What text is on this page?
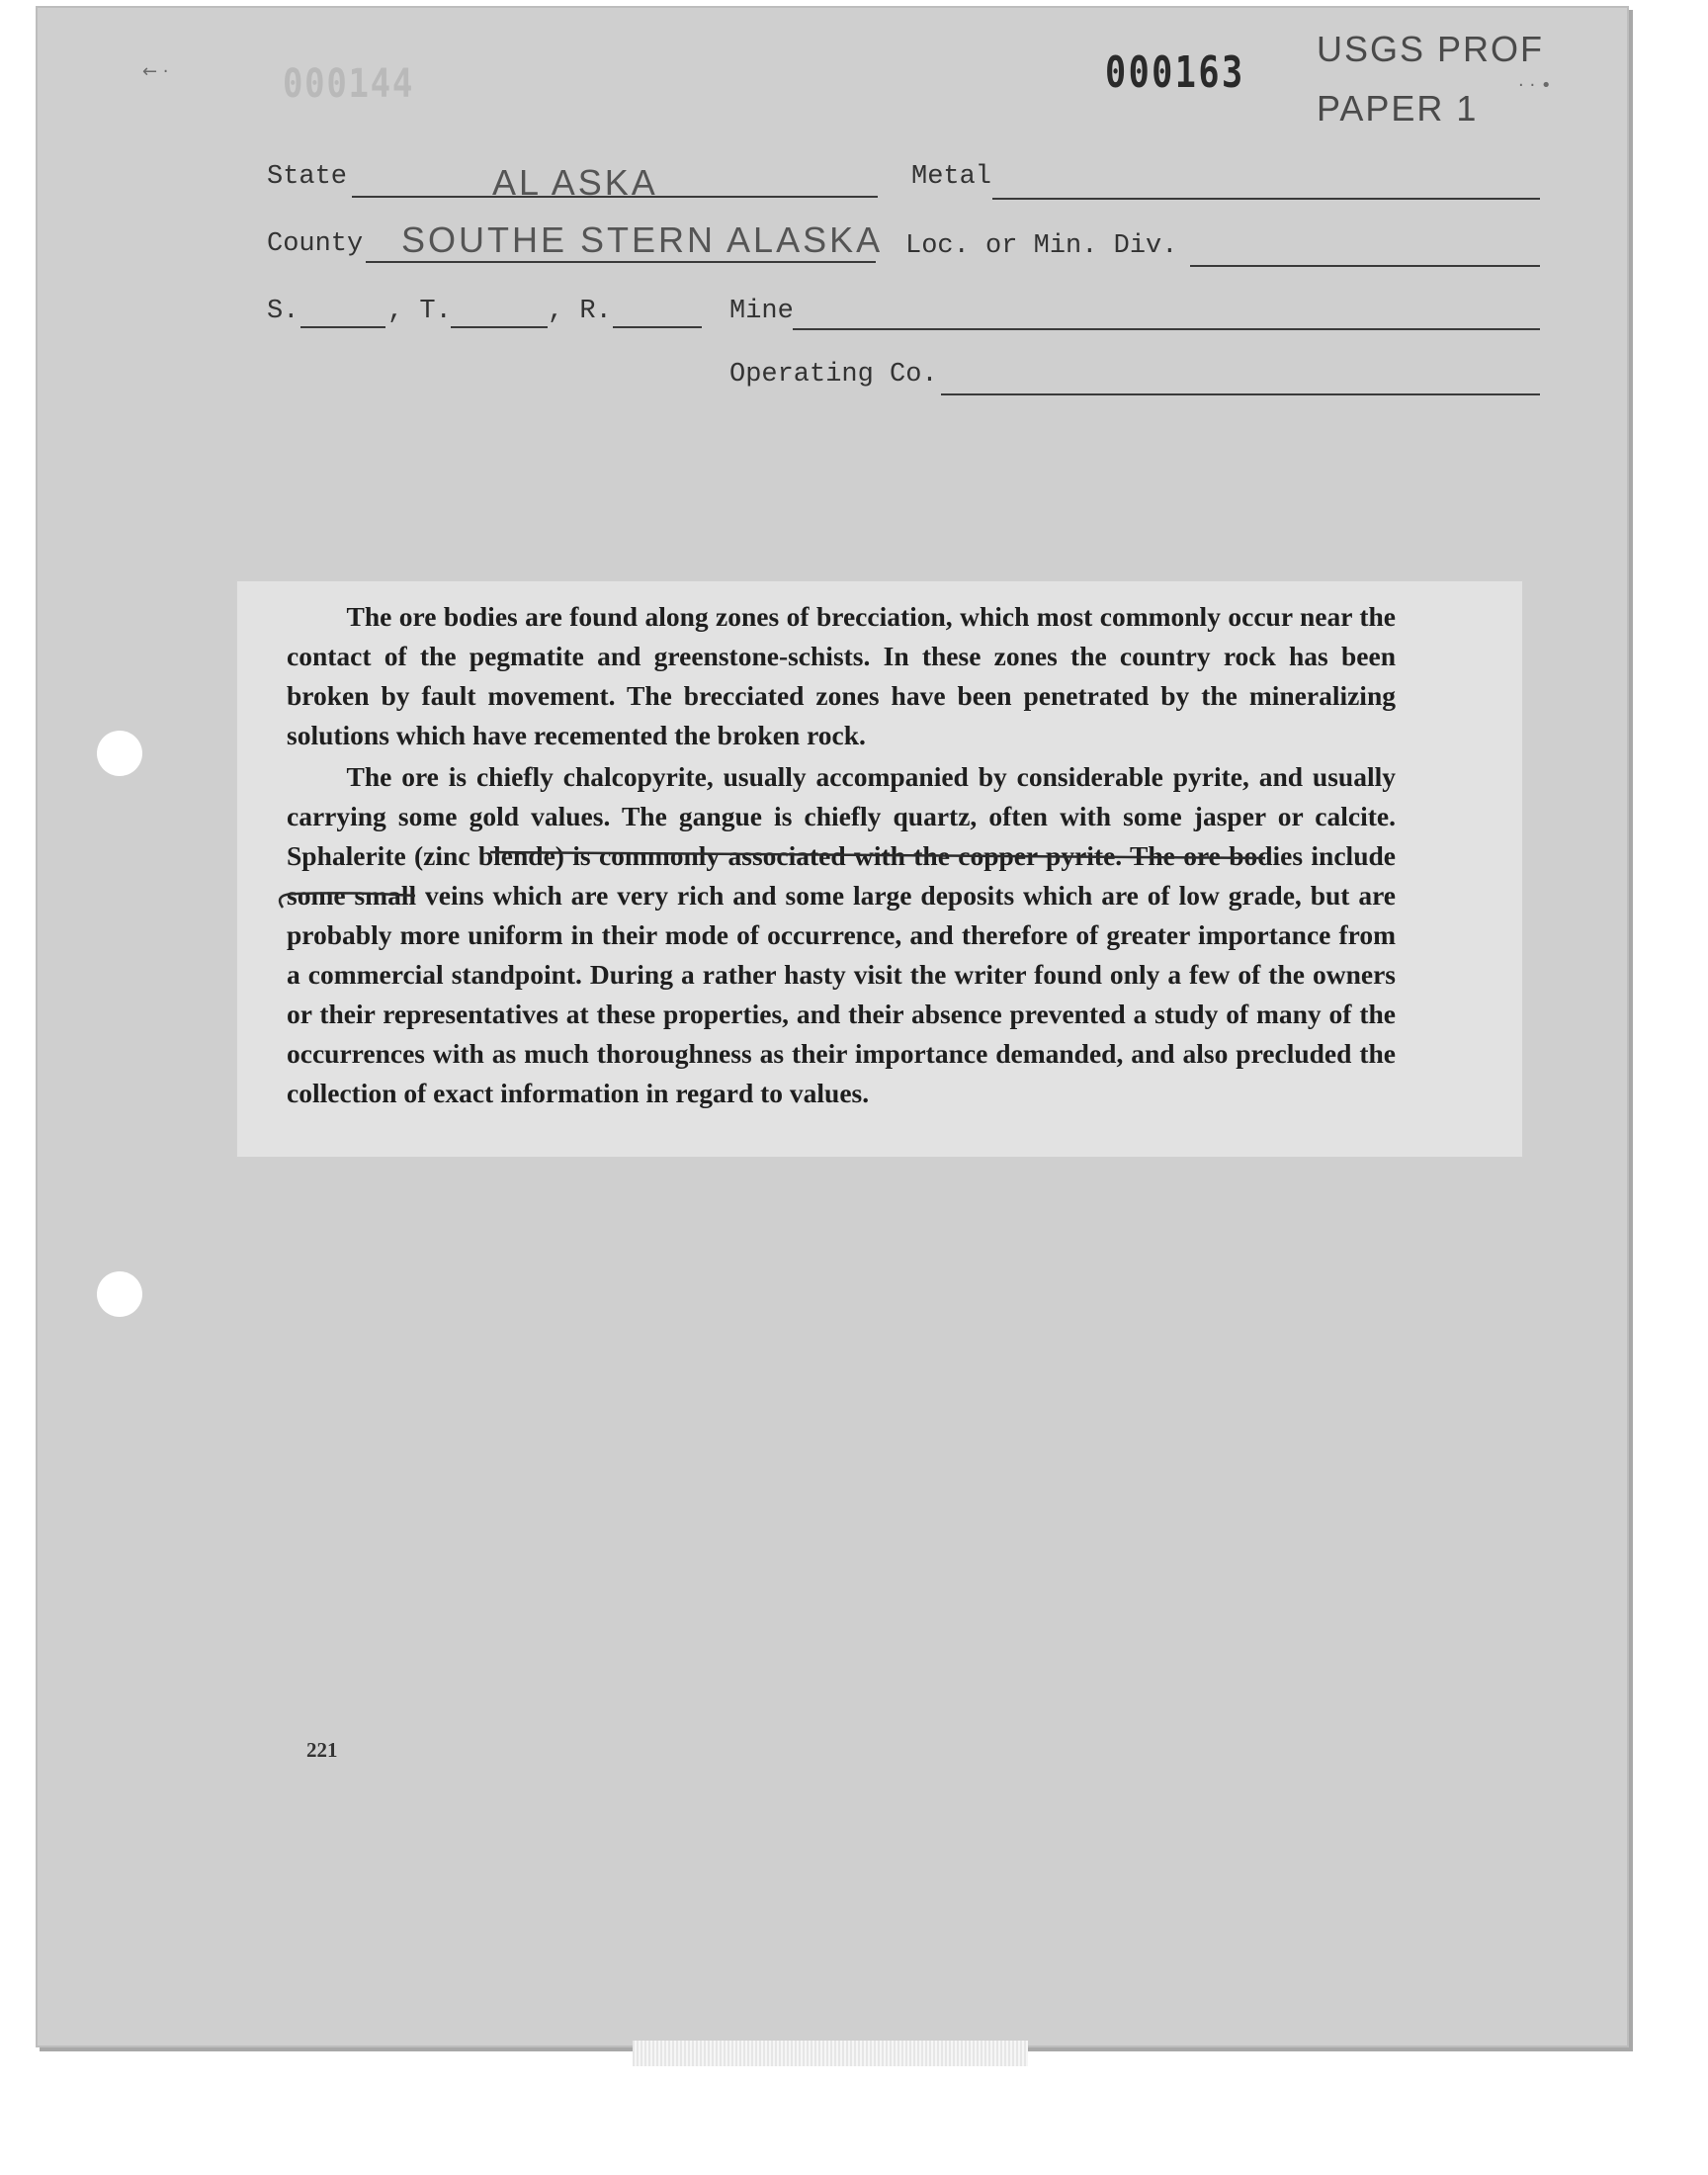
← ·	000144	000163 USGS PROF
PAPER 1
· · •
State	AL ASKA	Metal
County SOUTHE STERN ALASKA Loc. or Min. Div.
S.	, T.	, R.	Mine
Operating Co.

The ore bodies are found along zones of brecciation, which most commonly occur near the contact of the pegmatite and greenstone-schists. In these zones the country rock has been broken by fault movement. The brecciated zones have been penetrated by the mineralizing solutions which have recemented the broken rock.

The ore is chiefly chalcopyrite, usually accompanied by considerable pyrite, and usually carrying some gold values. The gangue is chiefly quartz, often with some jasper or calcite. Sphalerite (zinc blende) is commonly associated with the copper pyrite. The ore bodies include some small veins which are very rich and some large deposits which are of low grade, but are probably more uniform in their mode of occurrence, and therefore of greater importance from a commercial standpoint. During a rather hasty visit the writer found only a few of the owners or their representatives at these properties, and their absence prevented a study of many of the occurrences with as much thoroughness as their importance demanded, and also precluded the collection of exact information in regard to values.

221
